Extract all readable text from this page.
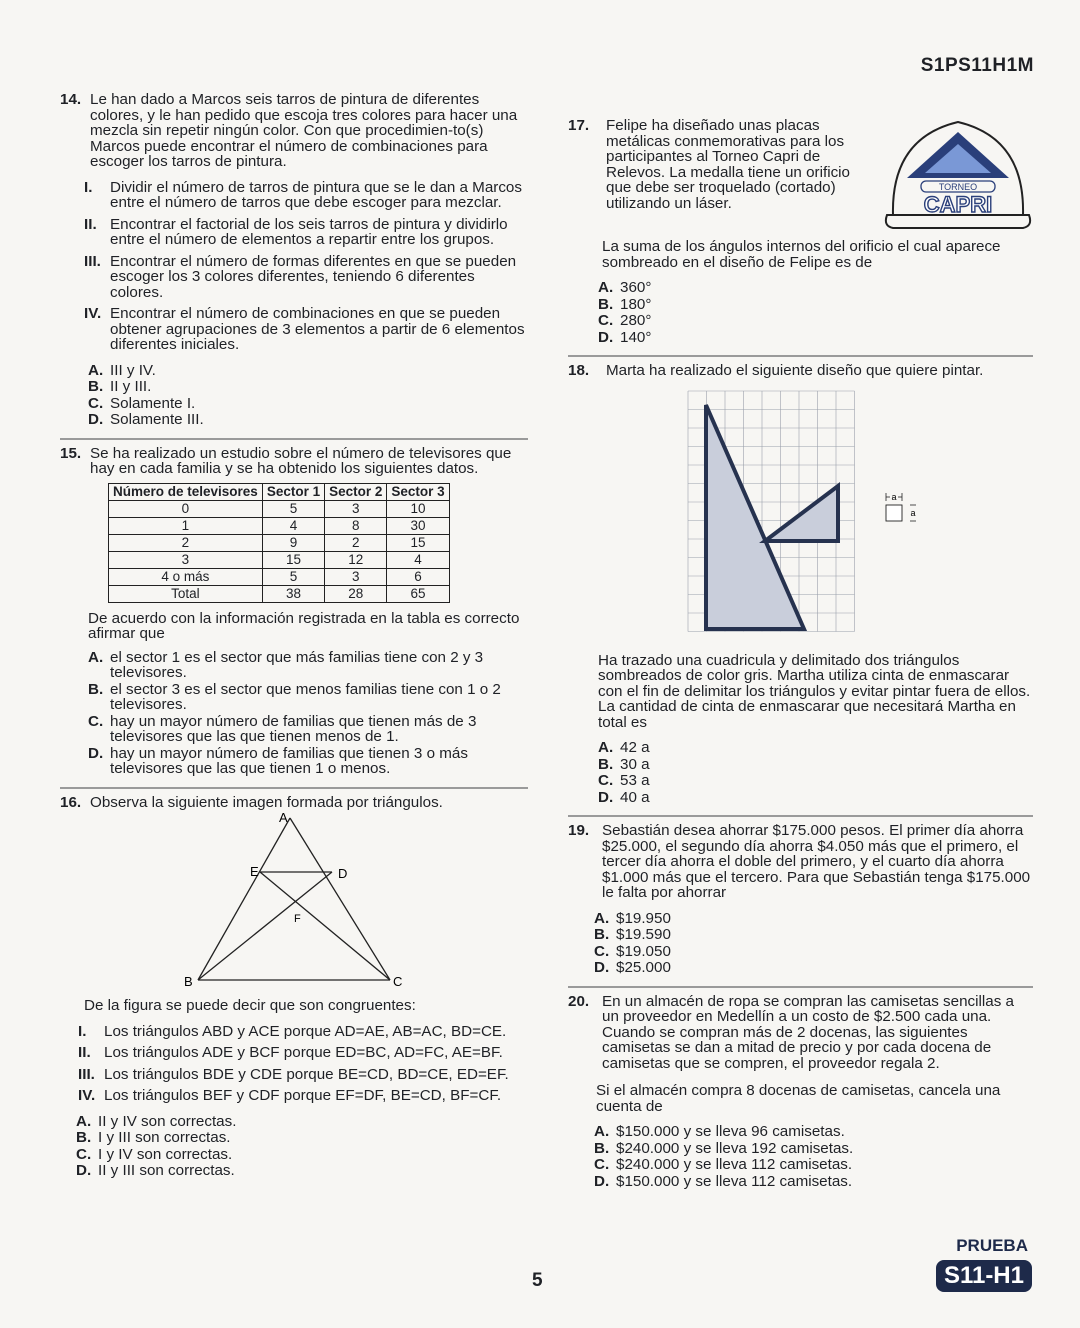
S1PS11H1M
14. Le han dado a Marcos seis tarros de pintura de diferentes colores, y le han pedido que escoja tres colores para hacer una mezcla sin repetir ningún color. Con que procedimien-to(s) Marcos puede encontrar el número de combinaciones para escoger los tarros de pintura.
I.	Dividir el número de tarros de pintura que se le dan a Marcos entre el número de tarros que debe escoger para mezclar.
II. Encontrar el factorial de los seis tarros de pintura y dividirlo entre el número de elementos a repartir entre los grupos.
III. Encontrar el número de formas diferentes en que se pueden escoger los 3 colores diferentes, teniendo 6 diferentes colores.
IV. Encontrar el número de combinaciones en que se pueden obtener agrupaciones de 3 elementos a partir de 6 elementos diferentes iniciales.
A. III y IV.
B. II y III.
C. Solamente I.
D. Solamente III.
15. Se ha realizado un estudio sobre el número de televisores que hay en cada familia y se ha obtenido los siguientes datos.
Número de televisores	Sector 1	Sector 2	Sector 3
0	5	3	10
1	4	8	30
2	9	2	15
3	15	12	4
4 o más	5	3	6
Total	38	28	65
De acuerdo con la información registrada en la tabla es correcto afirmar que
A. el sector 1 es el sector que más familias tiene con 2 y 3 televisores.
B. el sector 3 es el sector que menos familias tiene con 1 o 2 televisores.
C. hay un mayor número de familias que tienen más de 3 televisores que las que tienen menos de 1.
D. hay un mayor número de familias que tienen 3 o más televisores que las que tienen 1 o menos.
16. Observa la siguiente imagen formada por triángulos.
A
B	C
D
E
F
De la figura se puede decir que son congruentes:
I.	Los triángulos ABD y ACE porque AD=AE, AB=AC, BD=CE.
II. Los triángulos ADE y BCF porque ED=BC, AD=FC, AE=BF.
III. Los triángulos BDE y CDE porque BE=CD, BD=CE, ED=EF.
IV. Los triángulos BEF y CDF porque EF=DF, BE=CD, BF=CF.
A. II y IV son correctas.
B. I y III son correctas.
C. I y IV son correctas.
D. II y III son correctas.
17.	Felipe ha diseñado unas placas metálicas conmemorativas para los participantes al Torneo Capri de Relevos. La medalla tiene un orificio que debe ser troquelado (cortado) utilizando un láser.
TORNEO
CAPRI
La suma de los ángulos internos del orificio el cual aparece sombreado en el diseño de Felipe es de
A. 360°
B. 180°
C. 280°
D. 140°
18.	Marta ha realizado el siguiente diseño que quiere pintar.
a
a
Ha trazado una cuadricula y delimitado dos triángulos sombreados de color gris. Martha utiliza cinta de enmascarar con el fin de delimitar los triángulos y evitar pintar fuera de ellos. La cantidad de cinta de enmascarar que necesitará Martha en total es
A. 42 a
B. 30 a
C. 53 a
D. 40 a
19. Sebastián desea ahorrar $175.000 pesos. El primer día ahorra $25.000, el segundo día ahorra $4.050 más que el primero, el tercer día ahorra el doble del primero, y el cuarto día ahorra $1.000 más que el tercero. Para que Sebastián tenga $175.000 le falta por ahorrar
A. $19.950
B. $19.590
C. $19.050
D. $25.000
20. En un almacén de ropa se compran las camisetas sencillas a un proveedor en Medellín a un costo de $2.500 cada una. Cuando se compran más de 2 docenas, las siguientes camisetas se dan a mitad de precio y por cada docena de camisetas que se compren, el proveedor regala 2.
Si el almacén compra 8 docenas de camisetas, cancela una cuenta de
A. $150.000 y se lleva 96 camisetas.
B. $240.000 y se lleva 192 camisetas.
C. $240.000 y se lleva 112 camisetas.
D. $150.000 y se lleva 112 camisetas.
5
PRUEBA
S11-H1
